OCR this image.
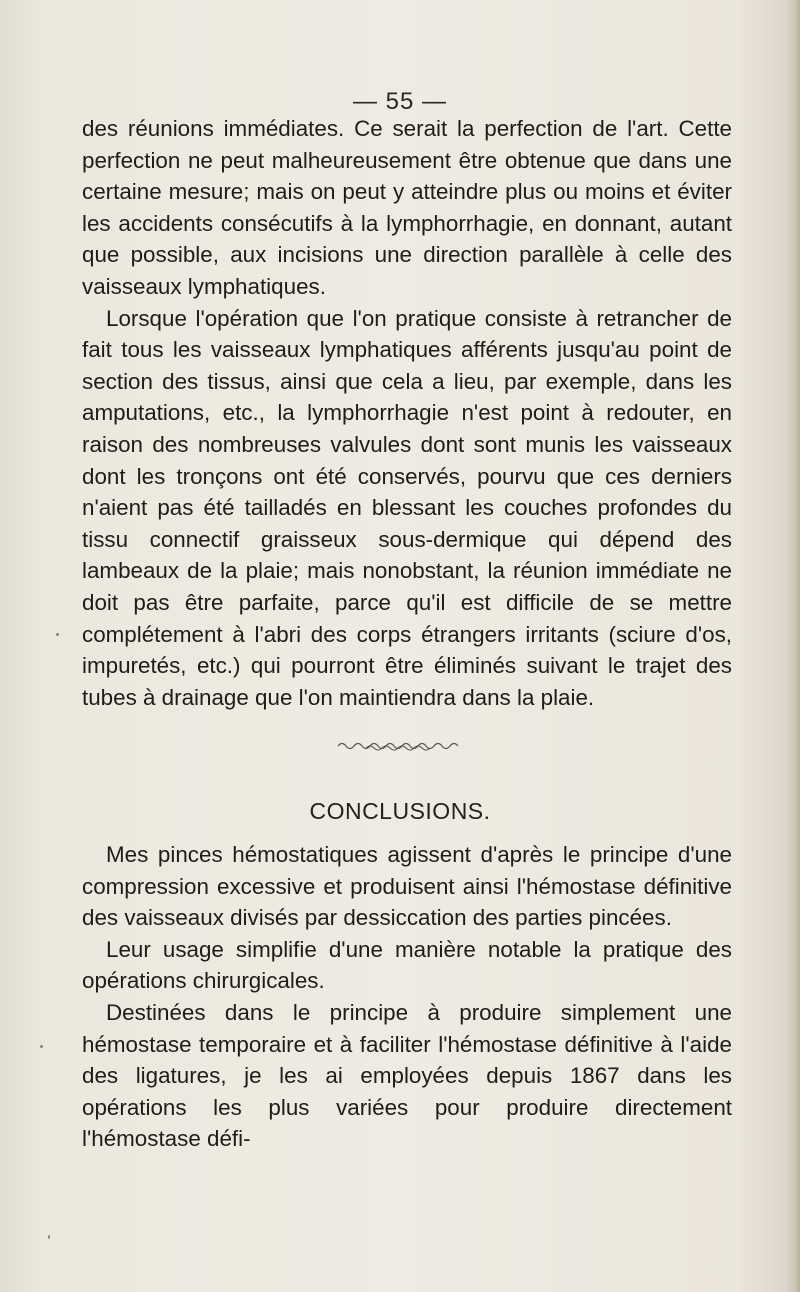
— 55 —

des réunions immédiates. Ce serait la perfection de l'art. Cette perfection ne peut malheureusement être obtenue que dans une certaine mesure; mais on peut y atteindre plus ou moins et éviter les accidents consécutifs à la lymphorrhagie, en donnant, autant que possible, aux incisions une direction parallèle à celle des vaisseaux lymphatiques.

Lorsque l'opération que l'on pratique consiste à retrancher de fait tous les vaisseaux lymphatiques afférents jusqu'au point de section des tissus, ainsi que cela a lieu, par exemple, dans les amputations, etc., la lymphorrhagie n'est point à redouter, en raison des nombreuses valvules dont sont munis les vaisseaux dont les tronçons ont été conservés, pourvu que ces derniers n'aient pas été tailladés en blessant les couches profondes du tissu connectif graisseux sous-dermique qui dépend des lambeaux de la plaie; mais nonobstant, la réunion immédiate ne doit pas être parfaite, parce qu'il est difficile de se mettre complétement à l'abri des corps étrangers irritants (sciure d'os, impuretés, etc.) qui pourront être éliminés suivant le trajet des tubes à drainage que l'on maintiendra dans la plaie.

CONCLUSIONS.

Mes pinces hémostatiques agissent d'après le principe d'une compression excessive et produisent ainsi l'hémostase définitive des vaisseaux divisés par dessiccation des parties pincées.

Leur usage simplifie d'une manière notable la pratique des opérations chirurgicales.

Destinées dans le principe à produire simplement une hémostase temporaire et à faciliter l'hémostase définitive à l'aide des ligatures, je les ai employées depuis 1867 dans les opérations les plus variées pour produire directement l'hémostase défi-
